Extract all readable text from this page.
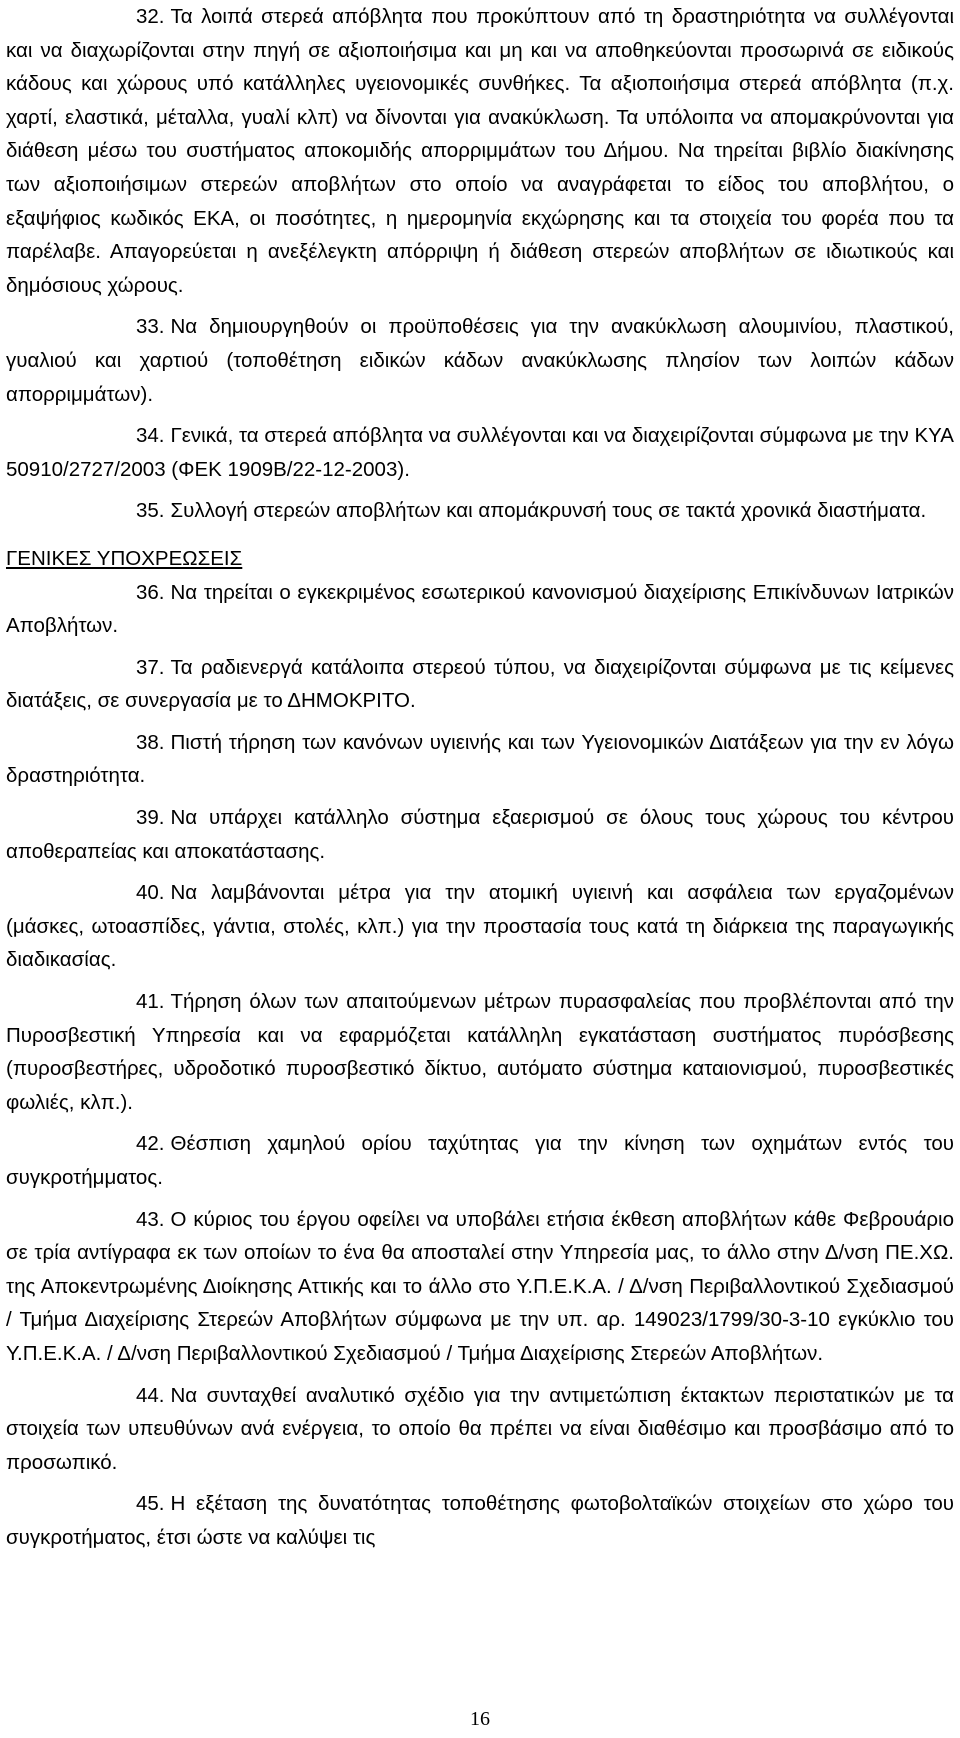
32. Τα λοιπά στερεά απόβλητα που προκύπτουν από τη δραστηριότητα να συλλέγονται και να διαχωρίζονται στην πηγή σε αξιοποιήσιμα και μη και να αποθηκεύονται προσωρινά σε ειδικούς κάδους και χώρους υπό κατάλληλες υγειονομικές συνθήκες. Τα αξιοποιήσιμα στερεά απόβλητα (π.χ. χαρτί, ελαστικά, μέταλλα, γυαλί κλπ) να δίνονται για ανακύκλωση. Τα υπόλοιπα να απομακρύνονται για διάθεση μέσω του συστήματος αποκομιδής απορριμμάτων του Δήμου. Να τηρείται βιβλίο διακίνησης των αξιοποιήσιμων στερεών αποβλήτων στο οποίο να αναγράφεται το είδος του αποβλήτου, ο εξαψήφιος κωδικός ΕΚΑ, οι ποσότητες, η ημερομηνία εκχώρησης και τα στοιχεία του φορέα που τα παρέλαβε. Απαγορεύεται η ανεξέλεγκτη απόρριψη ή διάθεση στερεών αποβλήτων σε ιδιωτικούς και δημόσιους χώρους.

33. Να δημιουργηθούν οι προϋποθέσεις για την ανακύκλωση αλουμινίου, πλαστικού, γυαλιού και χαρτιού (τοποθέτηση ειδικών κάδων ανακύκλωσης πλησίον των λοιπών κάδων απορριμμάτων).

34. Γενικά, τα στερεά απόβλητα να συλλέγονται και να διαχειρίζονται σύμφωνα με την ΚΥΑ 50910/2727/2003 (ΦΕΚ 1909Β/22-12-2003).

35. Συλλογή στερεών αποβλήτων και απομάκρυνσή τους σε τακτά χρονικά διαστήματα.

ΓΕΝΙΚΕΣ ΥΠΟΧΡΕΩΣΕΙΣ

36. Να τηρείται ο εγκεκριμένος εσωτερικού κανονισμού διαχείρισης Επικίνδυνων Ιατρικών Αποβλήτων.

37. Τα ραδιενεργά κατάλοιπα στερεού τύπου, να διαχειρίζονται σύμφωνα με τις κείμενες διατάξεις, σε συνεργασία με το ΔΗΜΟΚΡΙΤΟ.

38. Πιστή τήρηση των κανόνων υγιεινής και των Υγειονομικών Διατάξεων για την εν λόγω δραστηριότητα.

39. Να υπάρχει κατάλληλο σύστημα εξαερισμού σε όλους τους χώρους του κέντρου αποθεραπείας και αποκατάστασης.

40. Να λαμβάνονται μέτρα για την ατομική υγιεινή και ασφάλεια των εργαζομένων (μάσκες, ωτοασπίδες, γάντια, στολές, κλπ.) για την προστασία τους κατά τη διάρκεια της παραγωγικής διαδικασίας.

41. Τήρηση όλων των απαιτούμενων μέτρων πυρασφαλείας που προβλέπονται από την Πυροσβεστική Υπηρεσία και να εφαρμόζεται κατάλληλη εγκατάσταση συστήματος πυρόσβεσης (πυροσβεστήρες, υδροδοτικό πυροσβεστικό δίκτυο, αυτόματο σύστημα καταιονισμού, πυροσβεστικές φωλιές, κλπ.).

42. Θέσπιση χαμηλού ορίου ταχύτητας για την κίνηση των οχημάτων εντός του συγκροτήμματος.

43. Ο κύριος του έργου οφείλει να υποβάλει ετήσια έκθεση αποβλήτων κάθε Φεβρουάριο σε τρία αντίγραφα εκ των οποίων το ένα θα αποσταλεί στην Υπηρεσία μας, το άλλο στην Δ/νση ΠΕ.ΧΩ. της Αποκεντρωμένης Διοίκησης Αττικής και το άλλο στο Υ.Π.Ε.Κ.Α. / Δ/νση Περιβαλλοντικού Σχεδιασμού / Τμήμα Διαχείρισης Στερεών Αποβλήτων σύμφωνα με την υπ. αρ. 149023/1799/30-3-10 εγκύκλιο του Υ.Π.Ε.Κ.Α. / Δ/νση Περιβαλλοντικού Σχεδιασμού / Τμήμα Διαχείρισης Στερεών Αποβλήτων.

44. Να συνταχθεί αναλυτικό σχέδιο για την αντιμετώπιση έκτακτων περιστατικών με τα στοιχεία των υπευθύνων ανά ενέργεια, το οποίο θα πρέπει να είναι διαθέσιμο και προσβάσιμο από το προσωπικό.

45. Η εξέταση της δυνατότητας τοποθέτησης φωτοβολταϊκών στοιχείων στο χώρο του συγκροτήματος, έτσι ώστε να καλύψει τις

16
